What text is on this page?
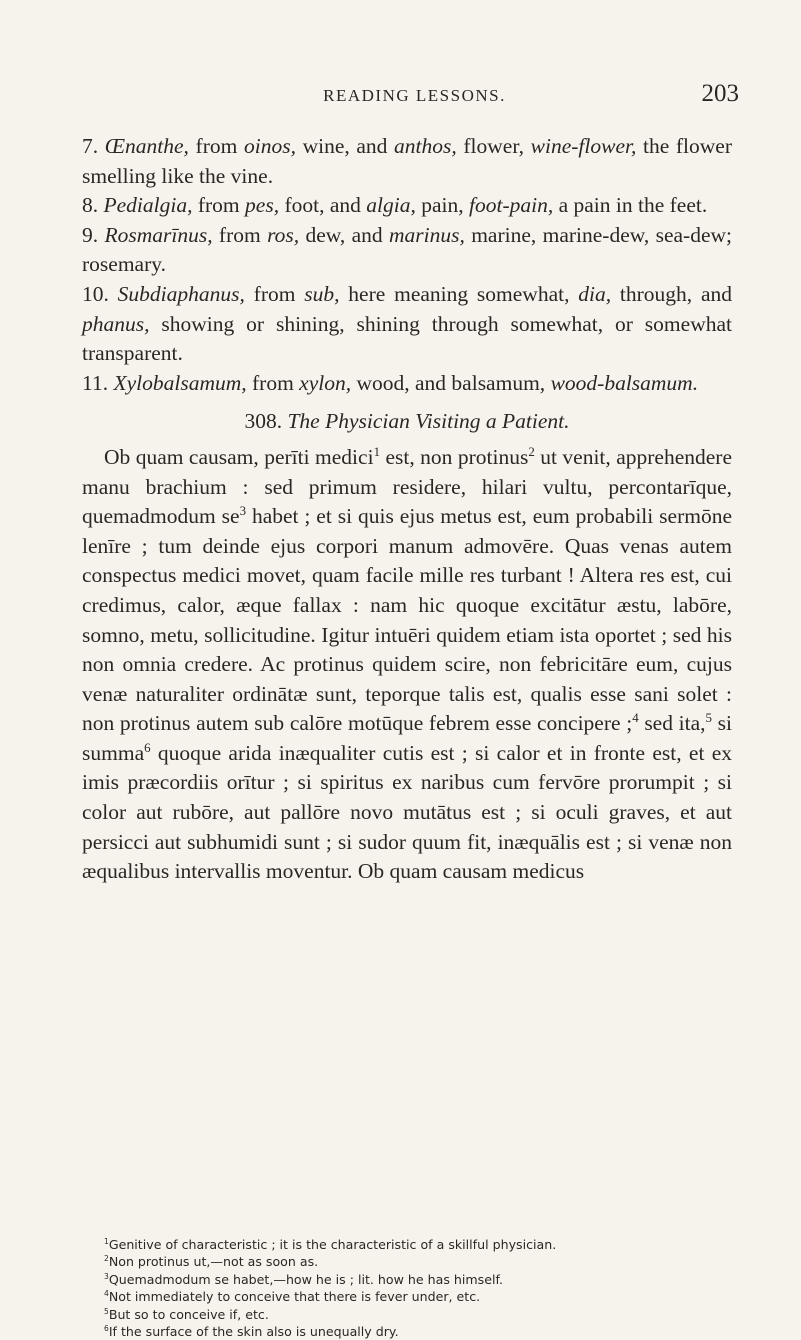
READING LESSONS.	203

7. Œnanthe, from oinos, wine, and anthos, flower, wine-flower, the flower smelling like the vine.

8. Pedialgia, from pes, foot, and algia, pain, foot-pain, a pain in the feet.

9. Rosmarīnus, from ros, dew, and marinus, marine, marine-dew, sea-dew; rosemary.

10. Subdiaphanus, from sub, here meaning somewhat, dia, through, and phanus, showing or shining, shining through somewhat, or somewhat transparent.

11. Xylobalsamum, from xylon, wood, and balsamum, wood-balsamum.

308. The Physician Visiting a Patient.

Ob quam causam, perīti medici$^1$ est, non protinus$^2$ ut venit, apprehendere manu brachium : sed primum residere, hilari vultu, percontarīque, quemadmodum $se^3$ habet ; et si quis ejus metus est, eum probabili sermōne lenīre ; tum deinde ejus corpori manum admovēre. Quas venas autem conspectus medici movet, quam facile mille res turbant ! Altera res est, cui credimus, calor, æque fallax : nam hic quoque excitātur æstu, labōre, somno, metu, sollicitudine. Igitur intuēri quidem etiam ista oportet ; sed his non omnia credere. Ac protinus quidem scire, non febricitāre eum, cujus venæ naturaliter ordinātæ sunt, teporque talis est, qualis esse sani solet : non protinus autem sub calōre motūque febrem esse concipere ;$^4$ sed ita,$^5$ si summa$^6$ quoque arida inæqualiter cutis est ; si calor et in fronte est, et ex imis præcordiis orītur ; si spiritus ex naribus cum fervōre prorumpit ; si color aut rubōre, aut pallōre novo mutātus est ; si oculi graves, et aut persicci aut subhumidi sunt ; si sudor quum fit, inæquālis est ; si venæ non æqualibus intervallis moventur. Ob quam causam medicus

$^1$Genitive of characteristic ; it is the characteristic of a skillful physician.

$^2$Non protinus ut,—not as soon as.

$^3$Quemadmodum se habet,—how he is ; lit. how he has himself.

$^4$Not immediately to conceive that there is fever under, etc.

$^5$But so to conceive if, etc.

$^6$If the surface of the skin also is unequally dry.
